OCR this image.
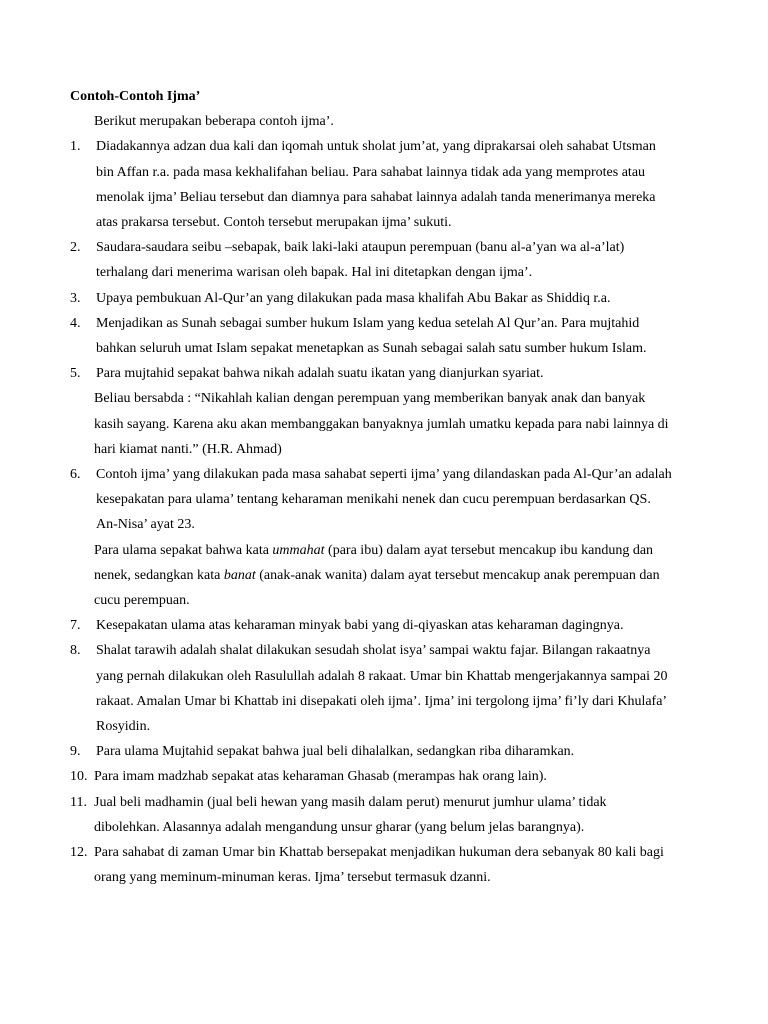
Contoh-Contoh Ijma’

Berikut merupakan beberapa contoh ijma’.

1.	Diadakannya adzan dua kali dan iqomah untuk sholat jum’at, yang diprakarsai oleh sahabat Utsman bin Affan r.a. pada masa kekhalifahan beliau. Para sahabat lainnya tidak ada yang memprotes atau menolak ijma’ Beliau tersebut dan diamnya para sahabat lainnya adalah tanda menerimanya mereka atas prakarsa tersebut. Contoh tersebut merupakan ijma’ sukuti.
2.	Saudara-saudara seibu –sebapak, baik laki-laki ataupun perempuan (banu al-a’yan wa al-a’lat) terhalang dari menerima warisan oleh bapak. Hal ini ditetapkan dengan ijma’.
3.	Upaya pembukuan Al-Qur’an yang dilakukan pada masa khalifah Abu Bakar as Shiddiq r.a.
4.	Menjadikan as Sunah sebagai sumber hukum Islam yang kedua setelah Al Qur’an. Para mujtahid bahkan seluruh umat Islam sepakat menetapkan as Sunah sebagai salah satu sumber hukum Islam.
5.	Para mujtahid sepakat bahwa nikah adalah suatu ikatan yang dianjurkan syariat.
Beliau bersabda : “Nikahlah kalian dengan perempuan yang memberikan banyak anak dan banyak kasih sayang. Karena aku akan membanggakan banyaknya jumlah umatku kepada para nabi lainnya di hari kiamat nanti.” (H.R. Ahmad)
6.	Contoh ijma’ yang dilakukan pada masa sahabat seperti ijma’ yang dilandaskan pada Al-Qur’an adalah kesepakatan para ulama’ tentang keharaman menikahi nenek dan cucu perempuan berdasarkan QS. An-Nisa’ ayat 23.
Para ulama sepakat bahwa kata ummahat (para ibu) dalam ayat tersebut mencakup ibu kandung dan nenek, sedangkan kata banat (anak-anak wanita) dalam ayat tersebut mencakup anak perempuan dan cucu perempuan.
7.	Kesepakatan ulama atas keharaman minyak babi yang di-qiyaskan atas keharaman dagingnya.
8.	Shalat tarawih adalah shalat dilakukan sesudah sholat isya’ sampai waktu fajar. Bilangan rakaatnya yang pernah dilakukan oleh Rasulullah adalah 8 rakaat. Umar bin Khattab mengerjakannya sampai 20 rakaat. Amalan Umar bi Khattab ini disepakati oleh ijma’. Ijma’ ini tergolong ijma’ fi’ly dari Khulafa’ Rosyidin.
9.	Para ulama Mujtahid sepakat bahwa jual beli dihalalkan, sedangkan riba diharamkan.
10. Para imam madzhab sepakat atas keharaman Ghasab (merampas hak orang lain).
11. Jual beli madhamin (jual beli hewan yang masih dalam perut) menurut jumhur ulama’ tidak dibolehkan. Alasannya adalah mengandung unsur gharar (yang belum jelas barangnya).
12. Para sahabat di zaman Umar bin Khattab bersepakat menjadikan hukuman dera sebanyak 80 kali bagi orang yang meminum-minuman keras. Ijma’ tersebut termasuk dzanni.
